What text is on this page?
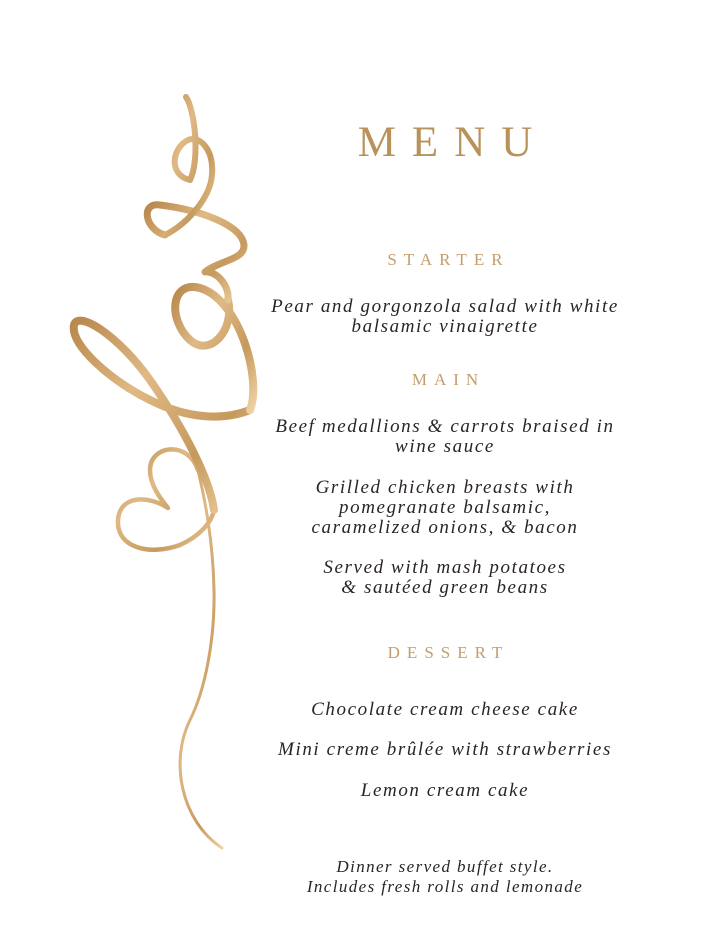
MENU
STARTER
Pear and gorgonzola salad with white
balsamic vinaigrette
MAIN
Beef medallions & carrots braised in
wine sauce
Grilled chicken breasts with
pomegranate balsamic,
caramelized onions, & bacon
Served with mash potatoes
& sautéed green beans
DESSERT
Chocolate cream cheese cake
Mini creme brûlée with strawberries
Lemon cream cake
Dinner served buffet style.
Includes fresh rolls and lemonade
